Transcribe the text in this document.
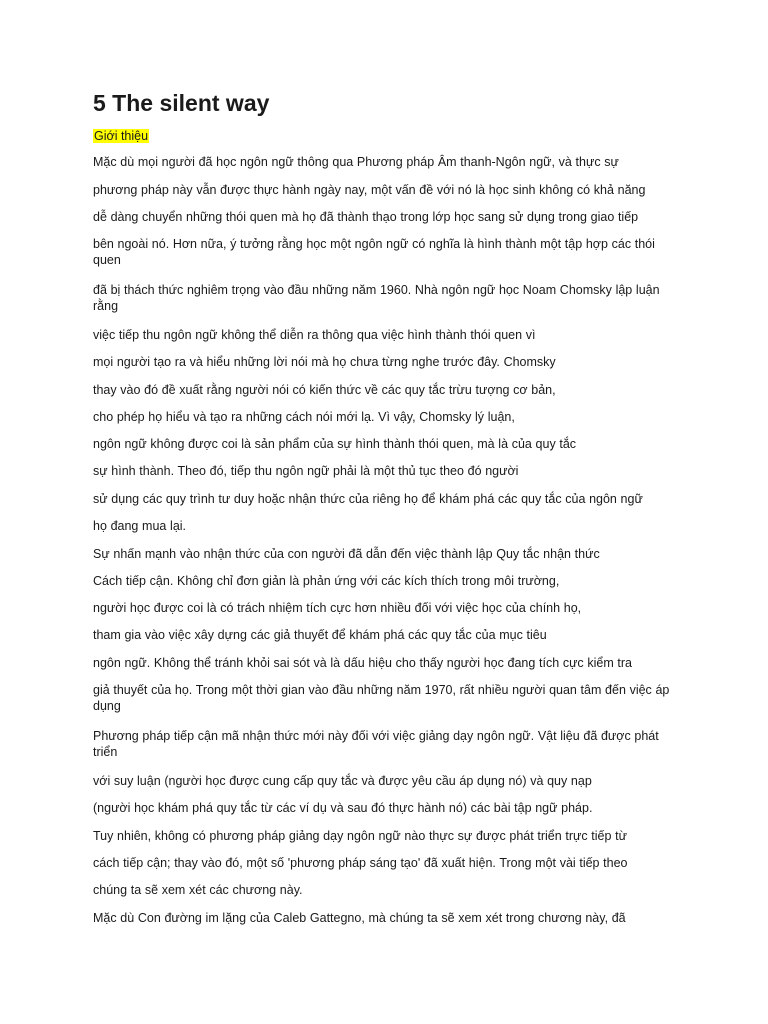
5 The silent way
Giới thiệu
Mặc dù mọi người đã học ngôn ngữ thông qua Phương pháp Âm thanh-Ngôn ngữ, và thực sự
phương pháp này vẫn được thực hành ngày nay, một vấn đề với nó là học sinh không có khả năng
dễ dàng chuyển những thói quen mà họ đã thành thạo trong lớp học sang sử dụng trong giao tiếp
bên ngoài nó. Hơn nữa, ý tưởng rằng học một ngôn ngữ có nghĩa là hình thành một tập hợp các thói quen
đã bị thách thức nghiêm trọng vào đầu những năm 1960. Nhà ngôn ngữ học Noam Chomsky lập luận rằng
việc tiếp thu ngôn ngữ không thể diễn ra thông qua việc hình thành thói quen vì
mọi người tạo ra và hiểu những lời nói mà họ chưa từng nghe trước đây. Chomsky
thay vào đó đề xuất rằng người nói có kiến thức về các quy tắc trừu tượng cơ bản,
cho phép họ hiểu và tạo ra những cách nói mới lạ. Vì vậy, Chomsky lý luận,
ngôn ngữ không được coi là sản phẩm của sự hình thành thói quen, mà là của quy tắc
sự hình thành. Theo đó, tiếp thu ngôn ngữ phải là một thủ tục theo đó người
sử dụng các quy trình tư duy hoặc nhận thức của riêng họ để khám phá các quy tắc của ngôn ngữ
họ đang mua lại.
Sự nhấn mạnh vào nhận thức của con người đã dẫn đến việc thành lập Quy tắc nhận thức
Cách tiếp cận. Không chỉ đơn giản là phản ứng với các kích thích trong môi trường,
người học được coi là có trách nhiệm tích cực hơn nhiều đối với việc học của chính họ,
tham gia vào việc xây dựng các giả thuyết để khám phá các quy tắc của mục tiêu
ngôn ngữ. Không thể tránh khỏi sai sót và là dấu hiệu cho thấy người học đang tích cực kiểm tra
giả thuyết của họ. Trong một thời gian vào đầu những năm 1970, rất nhiều người quan tâm đến việc áp dụng
Phương pháp tiếp cận mã nhận thức mới này đối với việc giảng dạy ngôn ngữ. Vật liệu đã được phát triển
với suy luận (người học được cung cấp quy tắc và được yêu cầu áp dụng nó) và quy nạp
(người học khám phá quy tắc từ các ví dụ và sau đó thực hành nó) các bài tập ngữ pháp.
Tuy nhiên, không có phương pháp giảng dạy ngôn ngữ nào thực sự được phát triển trực tiếp từ
cách tiếp cận; thay vào đó, một số 'phương pháp sáng tạo' đã xuất hiện. Trong một vài tiếp theo
chúng ta sẽ xem xét các chương này.
Mặc dù Con đường im lặng của Caleb Gattegno, mà chúng ta sẽ xem xét trong chương này, đã
